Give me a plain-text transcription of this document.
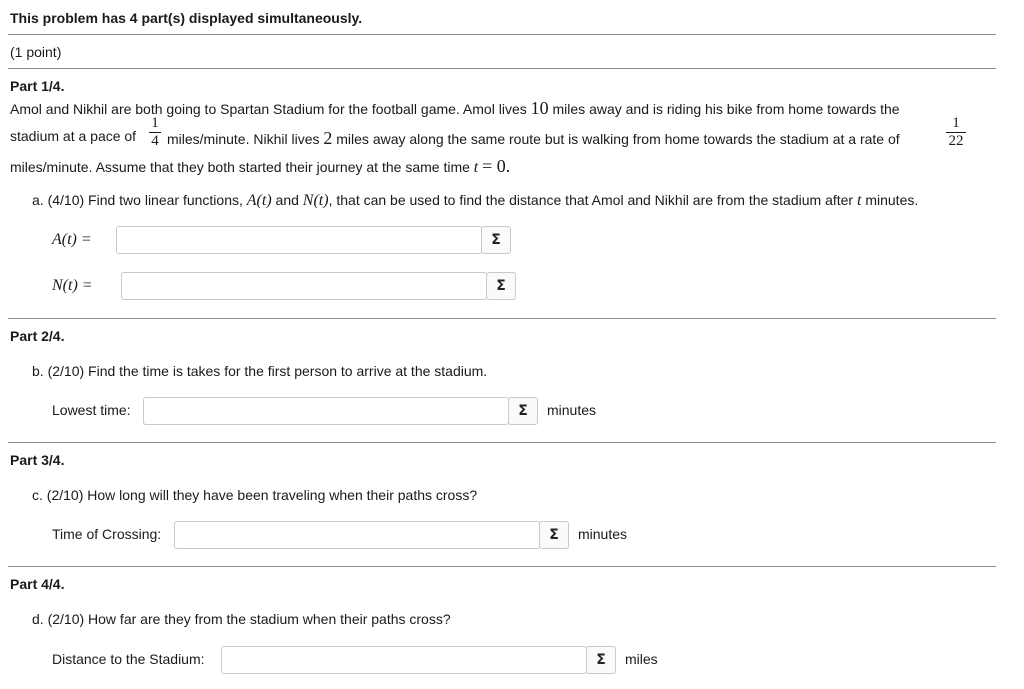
This problem has 4 part(s) displayed simultaneously.
(1 point)
Part 1/4.
Amol and Nikhil are both going to Spartan Stadium for the football game. Amol lives 10 miles away and is riding his bike from home towards the
stadium at a pace of
1
4 miles/minute. Nikhil lives 2 miles away along the same route but is walking from home towards the stadium at a rate of
1
22
miles/minute. Assume that they both started their journey at the same time t = 0.
a. (4/10) Find two linear functions, A(t) and N(t), that can be used to find the distance that Amol and Nikhil are from the stadium after t minutes.
A(t) =	Σ
N(t) =	Σ
Part 2/4.
b. (2/10) Find the time is takes for the first person to arrive at the stadium.
Lowest time:	Σ	minutes
Part 3/4.
c. (2/10) How long will they have been traveling when their paths cross?
Time of Crossing:	Σ	minutes
Part 4/4.
d. (2/10) How far are they from the stadium when their paths cross?
Distance to the Stadium:	Σ	miles
